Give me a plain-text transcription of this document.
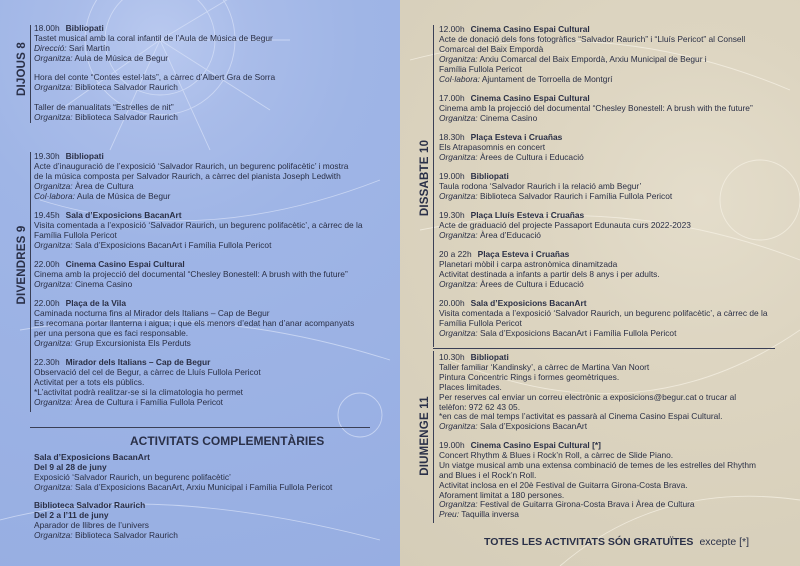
DIJOUS 8
DIVENDRES 9
DISSABTE 10
DIUMENGE 11
18.00h Bibliopati
Tastet musical amb la coral infantil de l’Aula de Música de Begur
Direcció: Sari Martín
Organitza: Aula de Música de Begur
Hora del conte “Contes estel·lats”, a càrrec d’Albert Gra de Sorra
Organitza: Biblioteca Salvador Raurich
Taller de manualitats “Estrelles de nit”
Organitza: Biblioteca Salvador Raurich
19.30h Bibliopati
Acte d’inauguració de l’exposició ‘Salvador Raurich, un begurenc polifacètic’ i mostra
de la música composta per Salvador Raurich, a càrrec del pianista Joseph Ledwith
Organitza: Àrea de Cultura
Col·labora: Aula de Música de Begur
19.45h Sala d’Exposicions BacanArt
Visita comentada a l’exposició ‘Salvador Raurich, un begurenc polifacètic’, a càrrec de la
Família Fullola Pericot
Organitza: Sala d’Exposicions BacanArt i Família Fullola Pericot
22.00h Cinema Casino Espai Cultural
Cinema amb la projecció del documental “Chesley Bonestell: A brush with the future”
Organitza: Cinema Casino
22.00h Plaça de la Vila
Caminada nocturna fins al Mirador dels Italians – Cap de Begur
Es recomana portar llanterna i aigua; i que els menors d’edat han d’anar acompanyats
per una persona que es faci responsable.
Organitza: Grup Excursionista Els Perduts
22.30h Mirador dels Italians – Cap de Begur
Observació del cel de Begur, a càrrec de Lluís Fullola Pericot
Activitat per a tots els públics.
*L’activitat podrà realitzar-se si la climatologia ho permet
Organitza: Àrea de Cultura i Família Fullola Pericot
ACTIVITATS COMPLEMENTÀRIES
Sala d’Exposicions BacanArt
Del 9 al 28 de juny
Exposició ‘Salvador Raurich, un begurenc polifacètic’
Organitza: Sala d’Exposicions BacanArt, Arxiu Municipal i Família Fullola Pericot
Biblioteca Salvador Raurich
Del 2 a l’11 de juny
Aparador de llibres de l’univers
Organitza: Biblioteca Salvador Raurich
12.00h Cinema Casino Espai Cultural
Acte de donació dels fons fotogràfics “Salvador Raurich” i “Lluís Pericot” al Consell
Comarcal del Baix Empordà
Organitza: Arxiu Comarcal del Baix Empordà, Arxiu Municipal de Begur i
Família Fullola Pericot
Col·labora: Ajuntament de Torroella de Montgrí
17.00h Cinema Casino Espai Cultural
Cinema amb la projecció del documental “Chesley Bonestell: A brush with the future”
Organitza: Cinema Casino
18.30h Plaça Esteva i Cruañas
Els Atrapasomnis en concert
Organitza: Àrees de Cultura i Educació
19.00h Bibliopati
Taula rodona ‘Salvador Raurich i la relació amb Begur’
Organitza: Biblioteca Salvador Raurich i Família Fullola Pericot
19.30h Plaça Lluís Esteva i Cruañas
Acte de graduació del projecte Passaport Edunauta curs 2022-2023
Organitza: Àrea d’Educació
20 a 22h Plaça Esteva i Cruañas
Planetari mòbil i carpa astronòmica dinamitzada
Activitat destinada a infants a partir dels 8 anys i per adults.
Organitza: Àrees de Cultura i Educació
20.00h Sala d’Exposicions BacanArt
Visita comentada a l’exposició ‘Salvador Raurich, un begurenc polifacètic’, a càrrec de la
Família Fullola Pericot
Organitza: Sala d’Exposicions BacanArt i Família Fullola Pericot
10.30h Bibliopati
Taller familiar ‘Kandinsky’, a càrrec de Martina Van Noort
Pintura Concentric Rings i formes geomètriques.
Places limitades.
Per reserves cal enviar un correu electrònic a exposicions@begur.cat o trucar al
telèfon: 972 62 43 05.
*en cas de mal temps l’activitat es passarà al Cinema Casino Espai Cultural.
Organitza: Sala d’Exposicions BacanArt
19.00h Cinema Casino Espai Cultural [*]
Concert Rhythm & Blues i Rock’n Roll, a càrrec de Slide Piano.
Un viatge musical amb una extensa combinació de temes de les estrelles del Rhythm
and Blues i el Rock’n Roll.
Activitat inclosa en el 20è Festival de Guitarra Girona-Costa Brava.
Aforament limitat a 180 persones.
Organitza: Festival de Guitarra Girona-Costa Brava i Àrea de Cultura
Preu: Taquilla inversa
TOTES LES ACTIVITATS SÓN GRATUÏTES excepte [*]
